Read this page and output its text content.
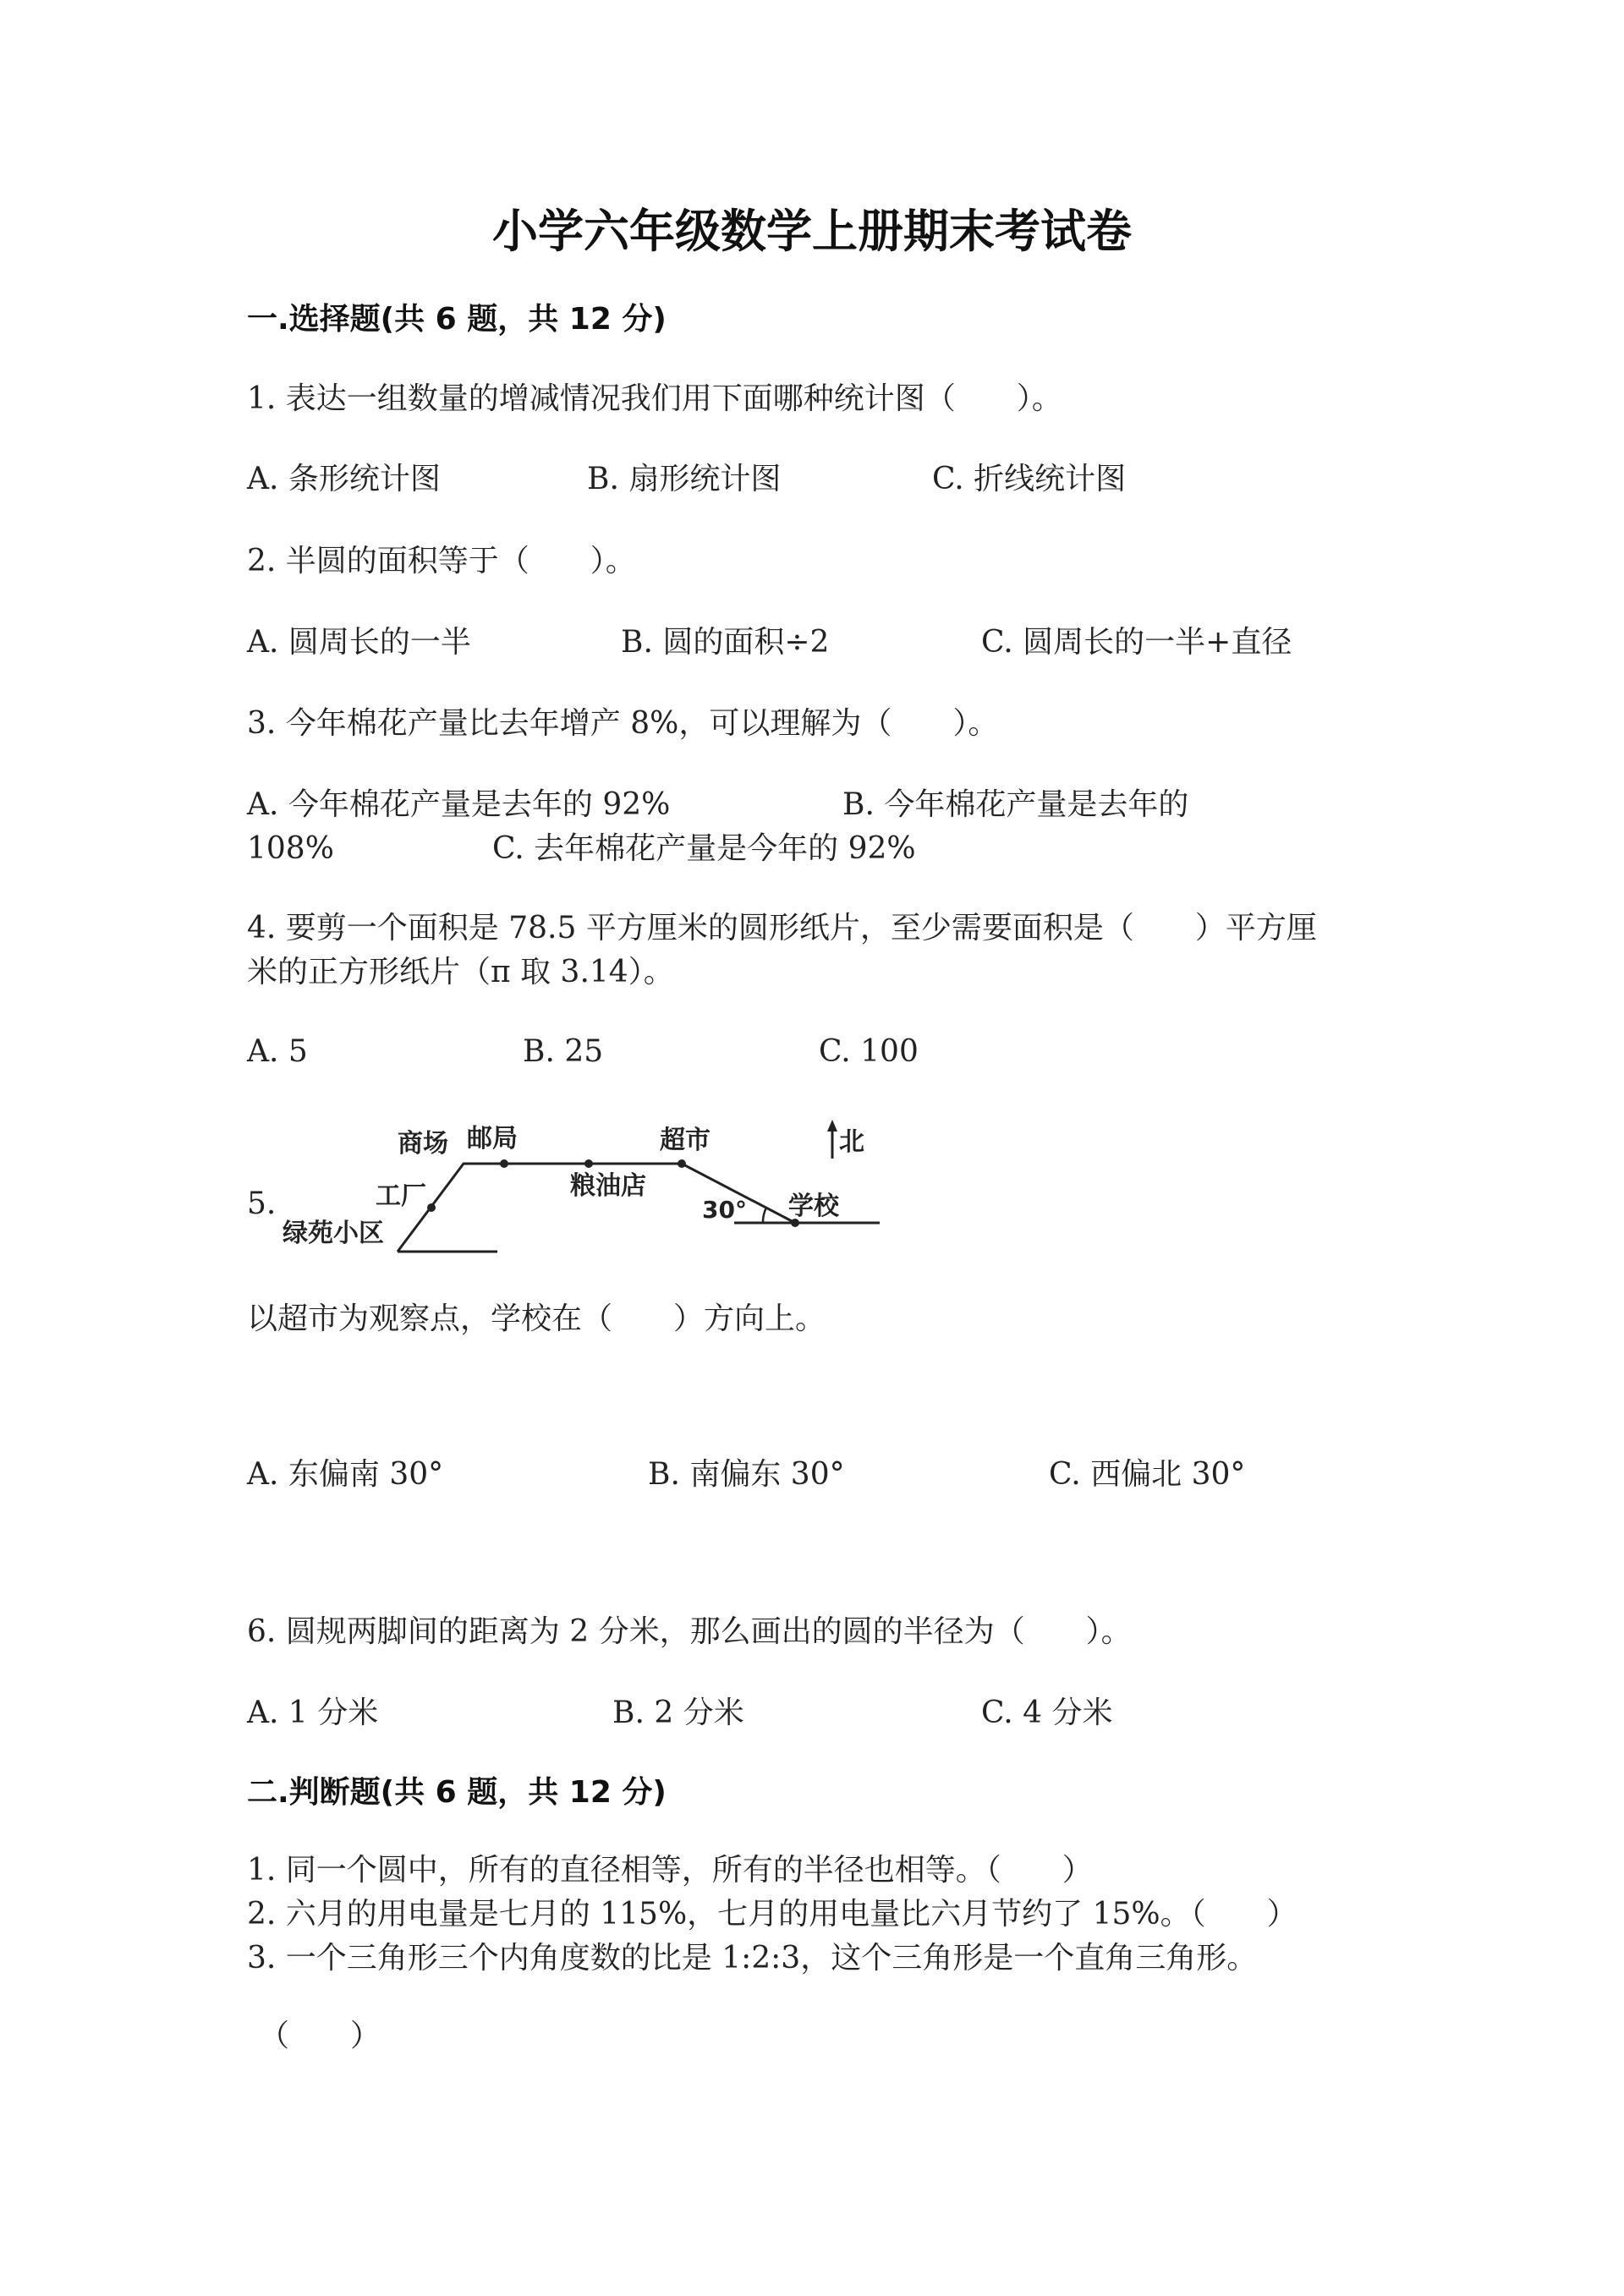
小学六年级数学上册期末考试卷
一.选择题(共 6 题，共 12 分)
1. 表达一组数量的增减情况我们用下面哪种统计图（　　）。
A. 条形统计图	B. 扇形统计图	C. 折线统计图
2. 半圆的面积等于（　　）。
A. 圆周长的一半	B. 圆的面积÷2	C. 圆周长的一半+直径
3. 今年棉花产量比去年增产 8%，可以理解为（　　）。
A. 今年棉花产量是去年的 92%	B. 今年棉花产量是去年的
108%	C. 去年棉花产量是今年的 92%
4. 要剪一个面积是 78.5 平方厘米的圆形纸片，至少需要面积是（　　）平方厘
米的正方形纸片（π 取 3.14）。
A. 5	B. 25	C. 100
5.
商场 邮局	超市	北
工厂	粮油店
学校
30°
绿苑小区
以超市为观察点，学校在（　　）方向上。
A. 东偏南 30°	B. 南偏东 30°	C. 西偏北 30°
6. 圆规两脚间的距离为 2 分米，那么画出的圆的半径为（　　）。
A. 1 分米	B. 2 分米	C. 4 分米
二.判断题(共 6 题，共 12 分)
1. 同一个圆中，所有的直径相等，所有的半径也相等。（　　）
2. 六月的用电量是七月的 115%，七月的用电量比六月节约了 15%。（　　）
3. 一个三角形三个内角度数的比是 1:2:3，这个三角形是一个直角三角形。
（　　）
